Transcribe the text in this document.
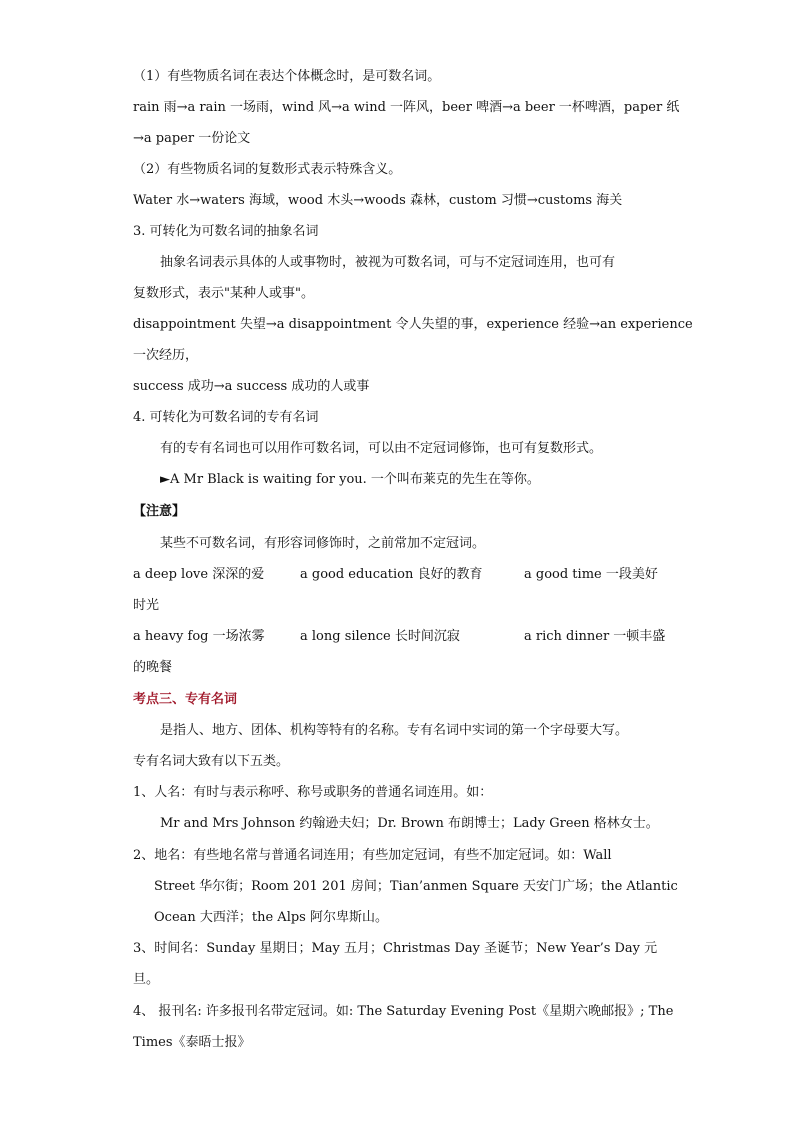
（1）有些物质名词在表达个体概念时，是可数名词。
rain 雨→a rain 一场雨，wind 风→a wind 一阵风，beer 啤酒→a beer 一杯啤酒，paper 纸
→a paper 一份论文
（2）有些物质名词的复数形式表示特殊含义。
Water 水→waters 海域，wood 木头→woods 森林，custom 习惯→customs 海关
3. 可转化为可数名词的抽象名词
抽象名词表示具体的人或事物时，被视为可数名词，可与不定冠词连用，也可有
复数形式，表示"某种人或事"。
disappointment 失望→a disappointment 令人失望的事，experience 经验→an experience
一次经历，
success 成功→a success 成功的人或事
4. 可转化为可数名词的专有名词
有的专有名词也可以用作可数名词，可以由不定冠词修饰，也可有复数形式。
►A Mr Black is waiting for you. 一个叫布莱克的先生在等你。
【注意】
某些不可数名词，有形容词修饰时，之前常加不定冠词。
a deep love 深深的爱	a good education 良好的教育	a good time 一段美好
时光
a heavy fog 一场浓雾	a long silence 长时间沉寂	a rich dinner 一顿丰盛
的晚餐
考点三、专有名词
是指人、地方、团体、机构等特有的名称。专有名词中实词的第一个字母要大写。
专有名词大致有以下五类。
1、人名：有时与表示称呼、称号或职务的普通名词连用。如：
Mr and Mrs Johnson 约翰逊夫妇；Dr. Brown 布朗博士；Lady Green 格林女士。
2、地名：有些地名常与普通名词连用；有些加定冠词，有些不加定冠词。如：Wall
Street 华尔街；Room 201 201 房间；Tian’anmen Square 天安门广场；the Atlantic
Ocean 大西洋；the Alps 阿尔卑斯山。
3、时间名：Sunday 星期日；May 五月；Christmas Day 圣诞节；New Year’s Day 元
旦。
4、 报刊名: 许多报刊名带定冠词。如: The Saturday Evening Post《星期六晚邮报》; The
Times《泰晤士报》
